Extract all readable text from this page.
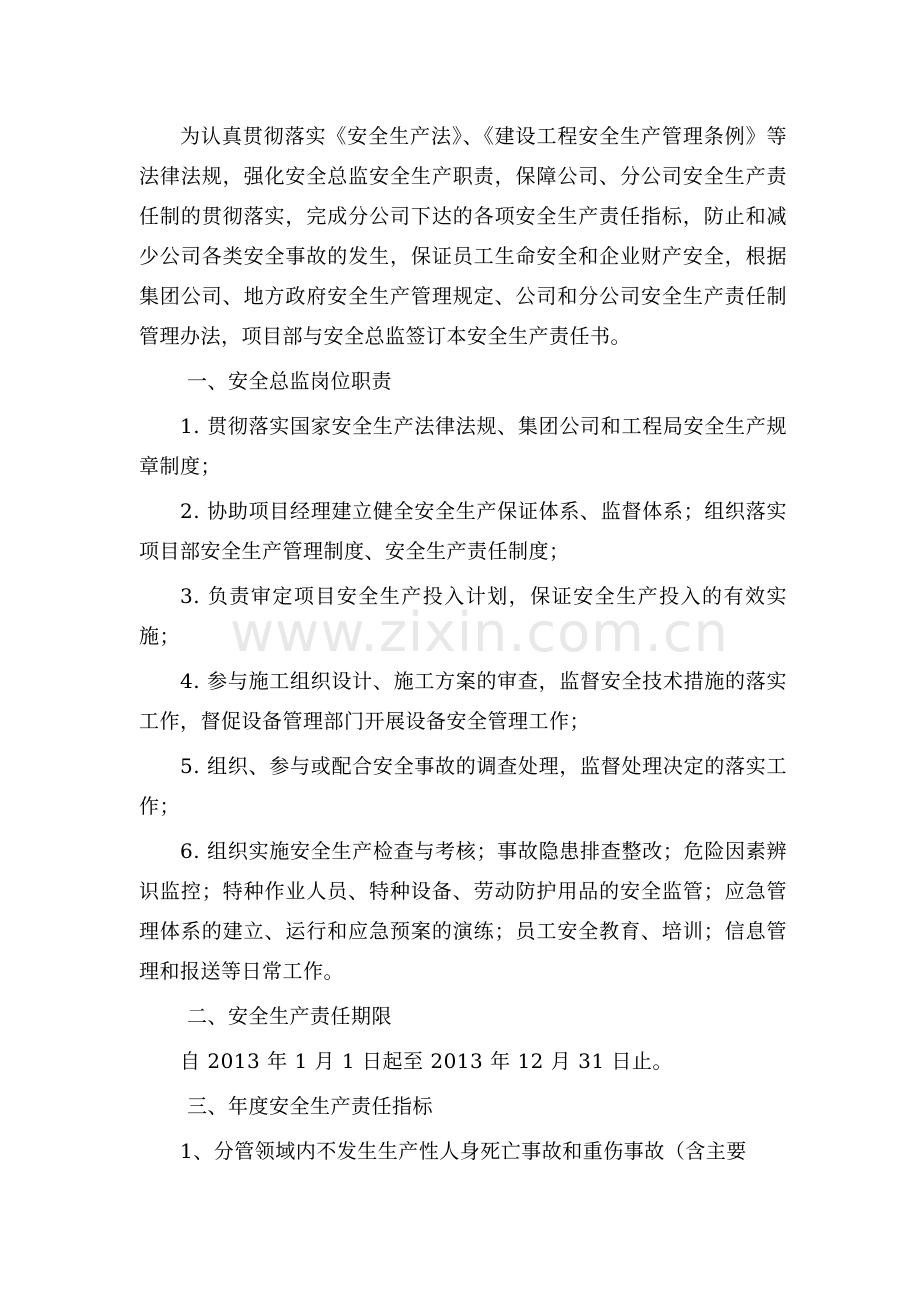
为认真贯彻落实《安全生产法》、《建设工程安全生产管理条例》等法律法规，强化安全总监安全生产职责，保障公司、分公司安全生产责任制的贯彻落实，完成分公司下达的各项安全生产责任指标，防止和减少公司各类安全事故的发生，保证员工生命安全和企业财产安全，根据集团公司、地方政府安全生产管理规定、公司和分公司安全生产责任制管理办法，项目部与安全总监签订本安全生产责任书。

一、安全总监岗位职责

1. 贯彻落实国家安全生产法律法规、集团公司和工程局安全生产规章制度；

2. 协助项目经理建立健全安全生产保证体系、监督体系；组织落实项目部安全生产管理制度、安全生产责任制度；

3. 负责审定项目安全生产投入计划，保证安全生产投入的有效实施；

4. 参与施工组织设计、施工方案的审查，监督安全技术措施的落实工作，督促设备管理部门开展设备安全管理工作；

5. 组织、参与或配合安全事故的调查处理，监督处理决定的落实工作；

6. 组织实施安全生产检查与考核；事故隐患排查整改；危险因素辨识监控；特种作业人员、特种设备、劳动防护用品的安全监管；应急管理体系的建立、运行和应急预案的演练；员工安全教育、培训；信息管理和报送等日常工作。

二、安全生产责任期限

自 2013 年 1 月 1 日起至 2013 年 12 月 31 日止。

三、年度安全生产责任指标

1、分管领域内不发生生产性人身死亡事故和重伤事故（含主要

www.zixin.com.cn
